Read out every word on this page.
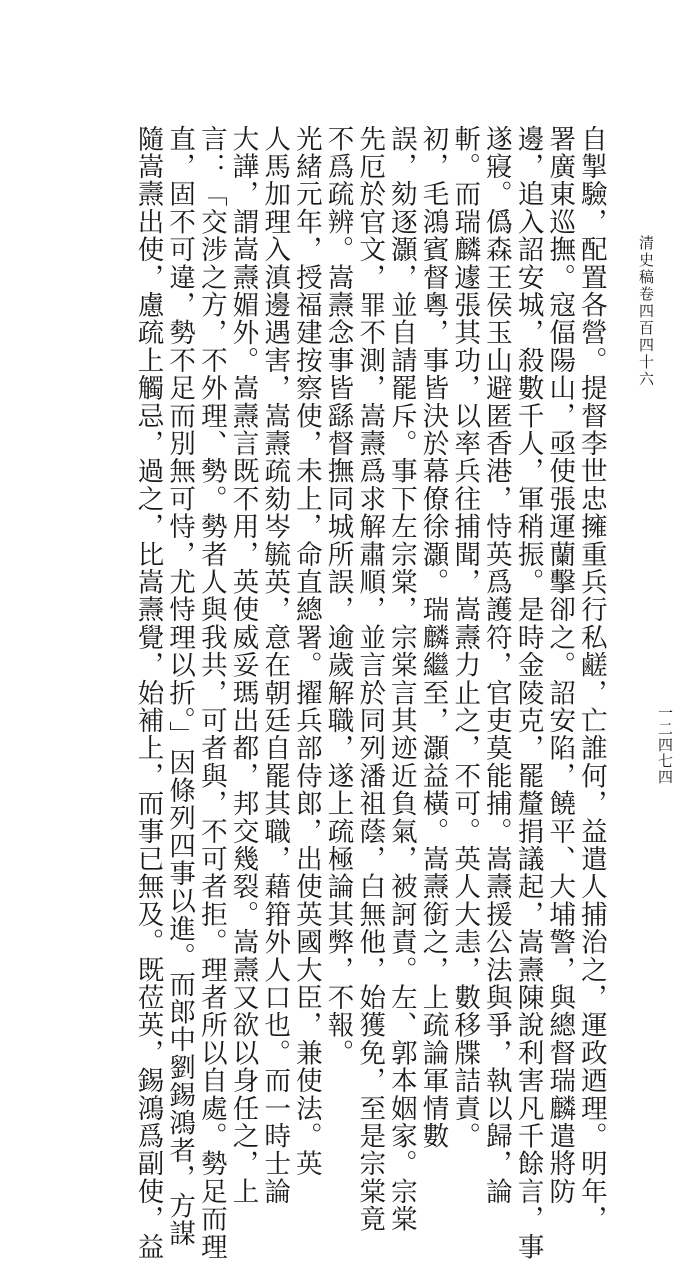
清史稿卷四百四十六
一二四七四
自掣驗，配置各營。提督李世忠擁重兵行私鹺，亡誰何，益遣人捕治之，運政迺理。明年，
署廣東巡撫。寇偪陽山，亟使張運蘭擊卻之。詔安陷，饒平、大埔警，與總督瑞麟遣將防
邊，追入詔安城，殺數千人，軍稍振。是時金陵克，罷釐捐議起，嵩燾陳說利害凡千餘言，事
遂寢。僞森王侯玉山避匿香港，恃英爲護符，官吏莫能捕。嵩燾援公法與爭，執以歸，論
斬。而瑞麟遽張其功，以率兵往捕聞，嵩燾力止之，不可。英人大恚，數移牒詰責。
初，毛鴻賓督粵，事皆決於幕僚徐灝。瑞麟繼至，灝益橫。嵩燾銜之，上疏論軍情數
誤，劾逐灝，並自請罷斥。事下左宗棠，宗棠言其迹近負氣，被訶責。左、郭本姻家。宗棠
先厄於官文，罪不測，嵩燾爲求解肅順，並言於同列潘祖蔭，白無他，始獲免，至是宗棠竟
不爲疏辨。嵩燾念事皆繇督撫同城所誤，逾歲解職，遂上疏極論其弊，不報。
光緒元年，授福建按察使，未上，命直總署。擢兵部侍郎，出使英國大臣，兼使法。英
人馬加理入滇邊遇害，嵩燾疏劾岑毓英，意在朝廷自罷其職，藉箝外人口也。而一時士論
大譁，謂嵩燾媚外。嵩燾言既不用，英使威妥瑪出都，邦交幾裂。嵩燾又欲以身任之，上
言：「交涉之方，不外理、勢。勢者人與我共，可者與，不可者拒。理者所以自處。勢足而理
直，固不可違，勢不足而別無可恃，尤恃理以折。」因條列四事以進。而郎中劉錫鴻者，方謀
隨嵩燾出使，慮疏上觸忌，過之，比嵩燾覺，始補上，而事已無及。既莅英，錫鴻爲副使，益
